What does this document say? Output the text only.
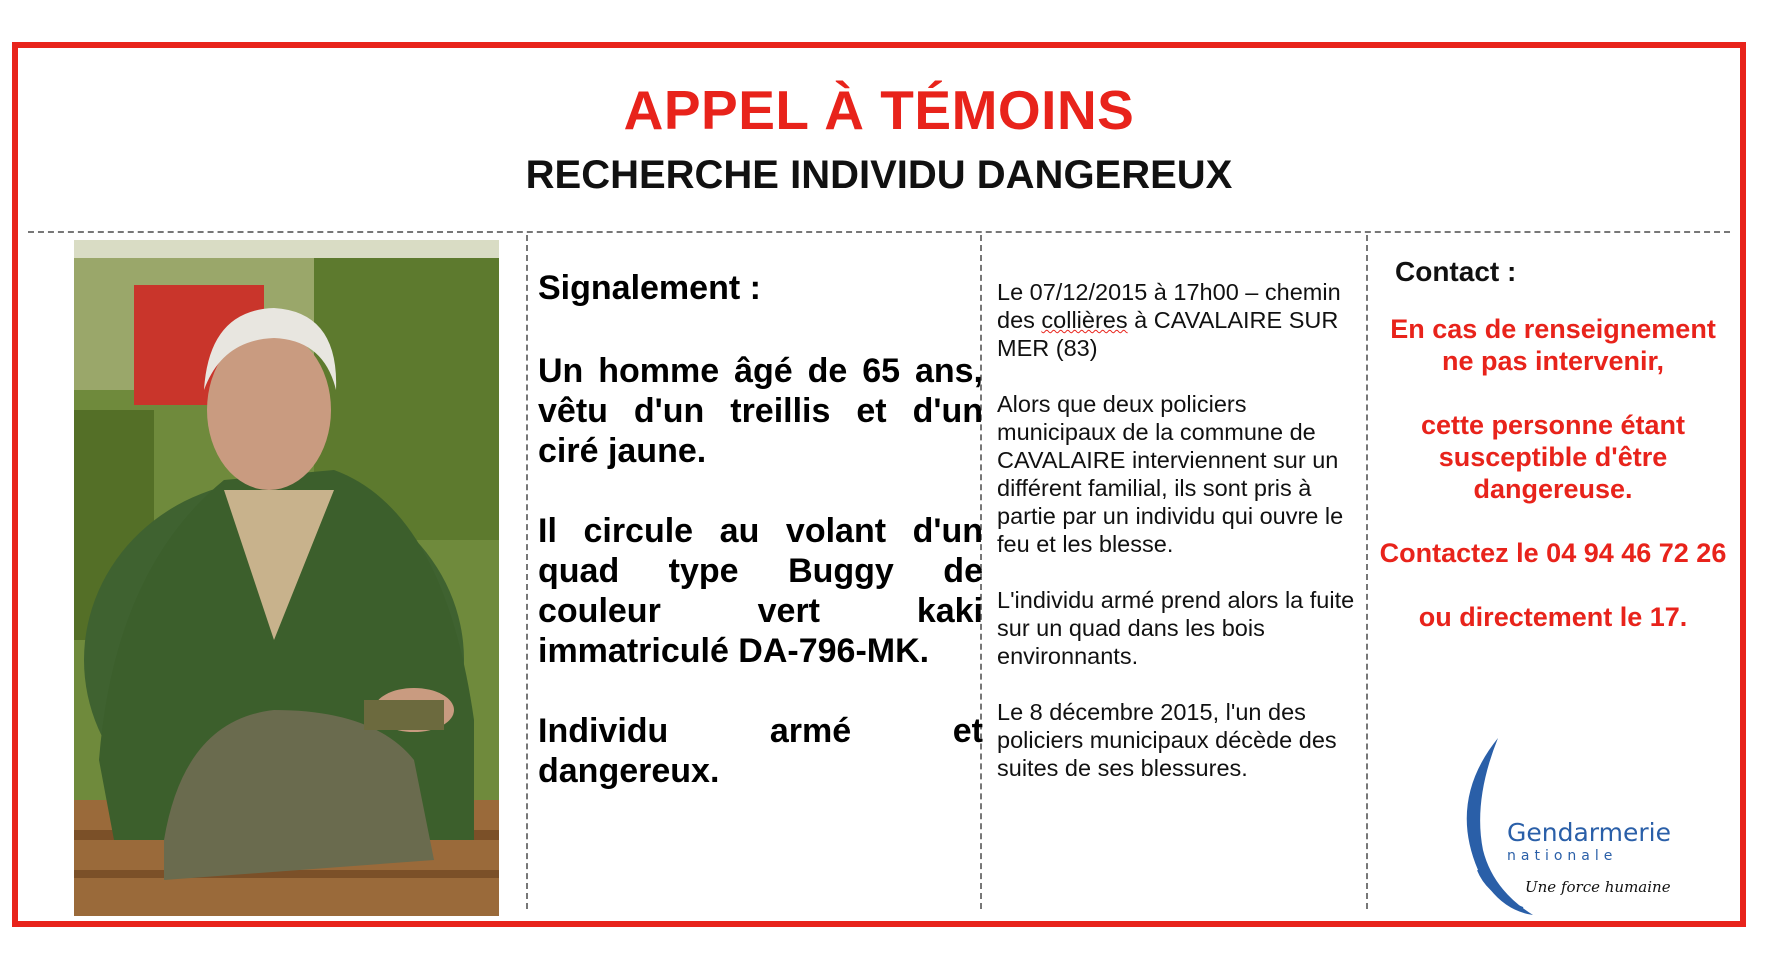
APPEL À TÉMOINS
RECHERCHE INDIVIDU DANGEREUX
Signalement :

Un homme âgé de 65 ans, vêtu d'un treillis et d'un ciré jaune.

Il circule au volant d'un quad type Buggy de couleur vert kaki immatriculé DA-796-MK.

Individu armé et dangereux.

Le 07/12/2015 à 17h00 – chemin des collières à CAVALAIRE SUR MER (83)

Alors que deux policiers municipaux de la commune de CAVALAIRE interviennent sur un différent familial, ils sont pris à partie par un individu qui ouvre le feu et les blesse.

L'individu armé prend alors la fuite sur un quad dans les bois environnants.

Le 8 décembre 2015, l'un des policiers municipaux décède des suites de ses blessures.

Contact :

En cas de renseignement ne pas intervenir,

cette personne étant susceptible d'être dangereuse.

Contactez le 04 94 46 72 26

ou directement le 17.

Gendarmerie
nationale
Une force humaine
